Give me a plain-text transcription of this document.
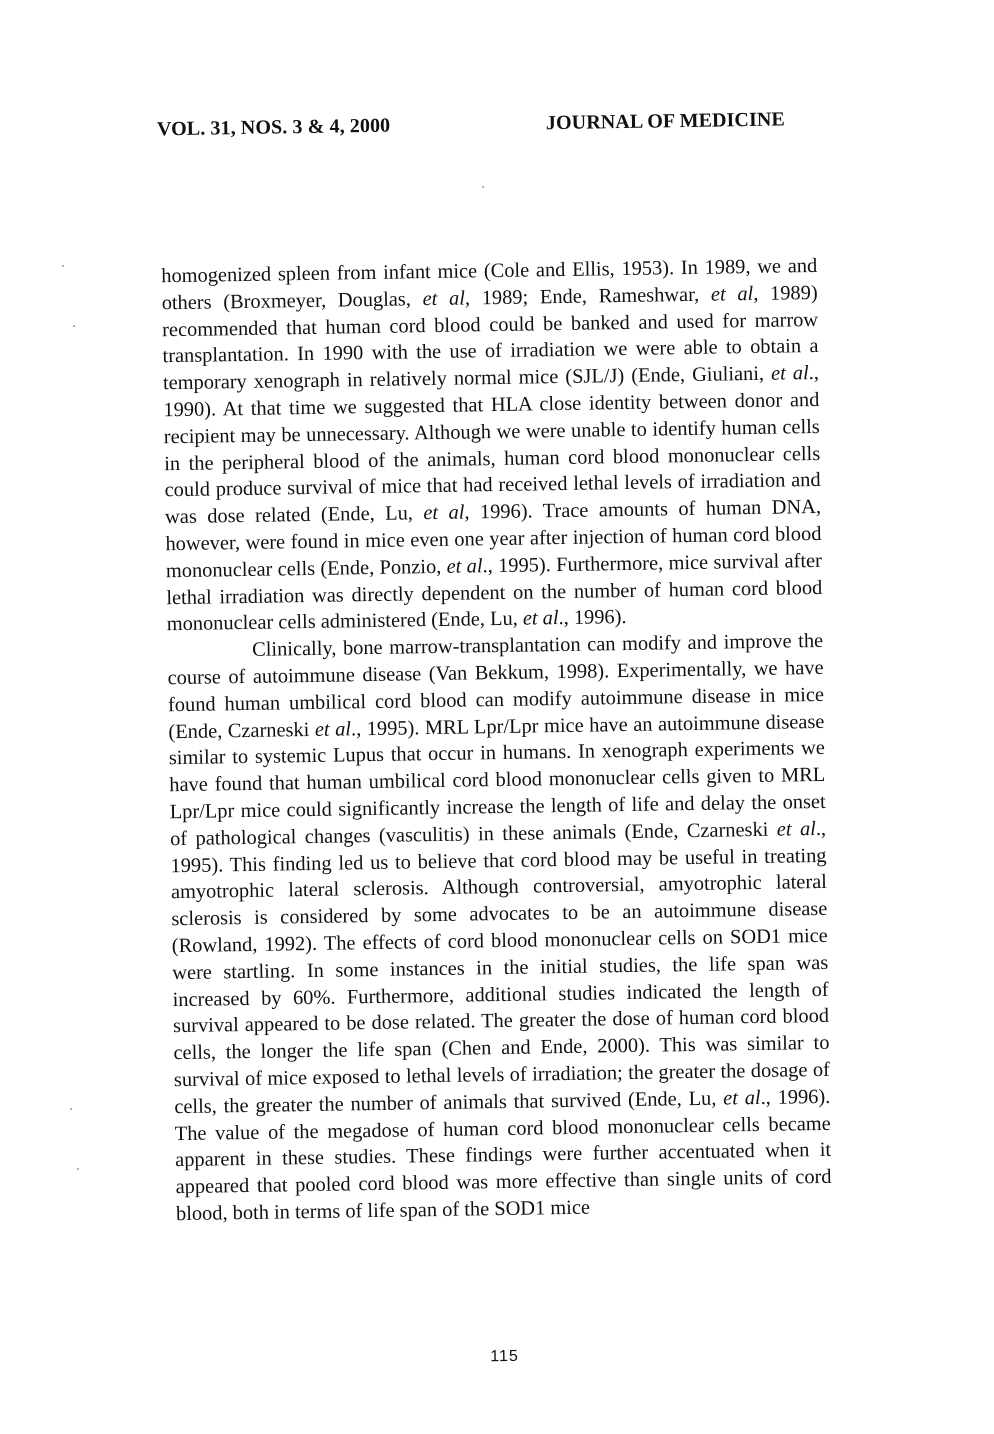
VOL. 31, NOS. 3 & 4, 2000	JOURNAL OF MEDICINE

homogenized spleen from infant mice (Cole and Ellis, 1953). In 1989, we and others (Broxmeyer, Douglas, et al, 1989; Ende, Rameshwar, et al, 1989) recommended that human cord blood could be banked and used for marrow transplantation. In 1990 with the use of irradiation we were able to obtain a temporary xenograph in relatively normal mice (SJL/J) (Ende, Giuliani, et al., 1990). At that time we suggested that HLA close identity between donor and recipient may be unnecessary. Although we were unable to identify human cells in the peripheral blood of the animals, human cord blood mononuclear cells could produce survival of mice that had received lethal levels of irradiation and was dose related (Ende, Lu, et al, 1996). Trace amounts of human DNA, however, were found in mice even one year after injection of human cord blood mononuclear cells (Ende, Ponzio, et al., 1995). Furthermore, mice survival after lethal irradiation was directly dependent on the number of human cord blood mononuclear cells administered (Ende, Lu, et al., 1996).

Clinically, bone marrow-transplantation can modify and improve the course of autoimmune disease (Van Bekkum, 1998). Experimentally, we have found human umbilical cord blood can modify autoimmune disease in mice (Ende, Czarneski et al., 1995). MRL Lpr/Lpr mice have an autoimmune disease similar to systemic Lupus that occur in humans. In xenograph experiments we have found that human umbilical cord blood mononuclear cells given to MRL Lpr/Lpr mice could significantly increase the length of life and delay the onset of pathological changes (vasculitis) in these animals (Ende, Czarneski et al., 1995). This finding led us to believe that cord blood may be useful in treating amyotrophic lateral sclerosis. Although controversial, amyotrophic lateral sclerosis is considered by some advocates to be an autoimmune disease (Rowland, 1992). The effects of cord blood mononuclear cells on SOD1 mice were startling. In some instances in the initial studies, the life span was increased by 60%. Furthermore, additional studies indicated the length of survival appeared to be dose related. The greater the dose of human cord blood cells, the longer the life span (Chen and Ende, 2000). This was similar to survival of mice exposed to lethal levels of irradiation; the greater the dosage of cells, the greater the number of animals that survived (Ende, Lu, et al., 1996). The value of the megadose of human cord blood mononuclear cells became apparent in these studies. These findings were further accentuated when it appeared that pooled cord blood was more effective than single units of cord blood, both in terms of life span of the SOD1 mice

115
